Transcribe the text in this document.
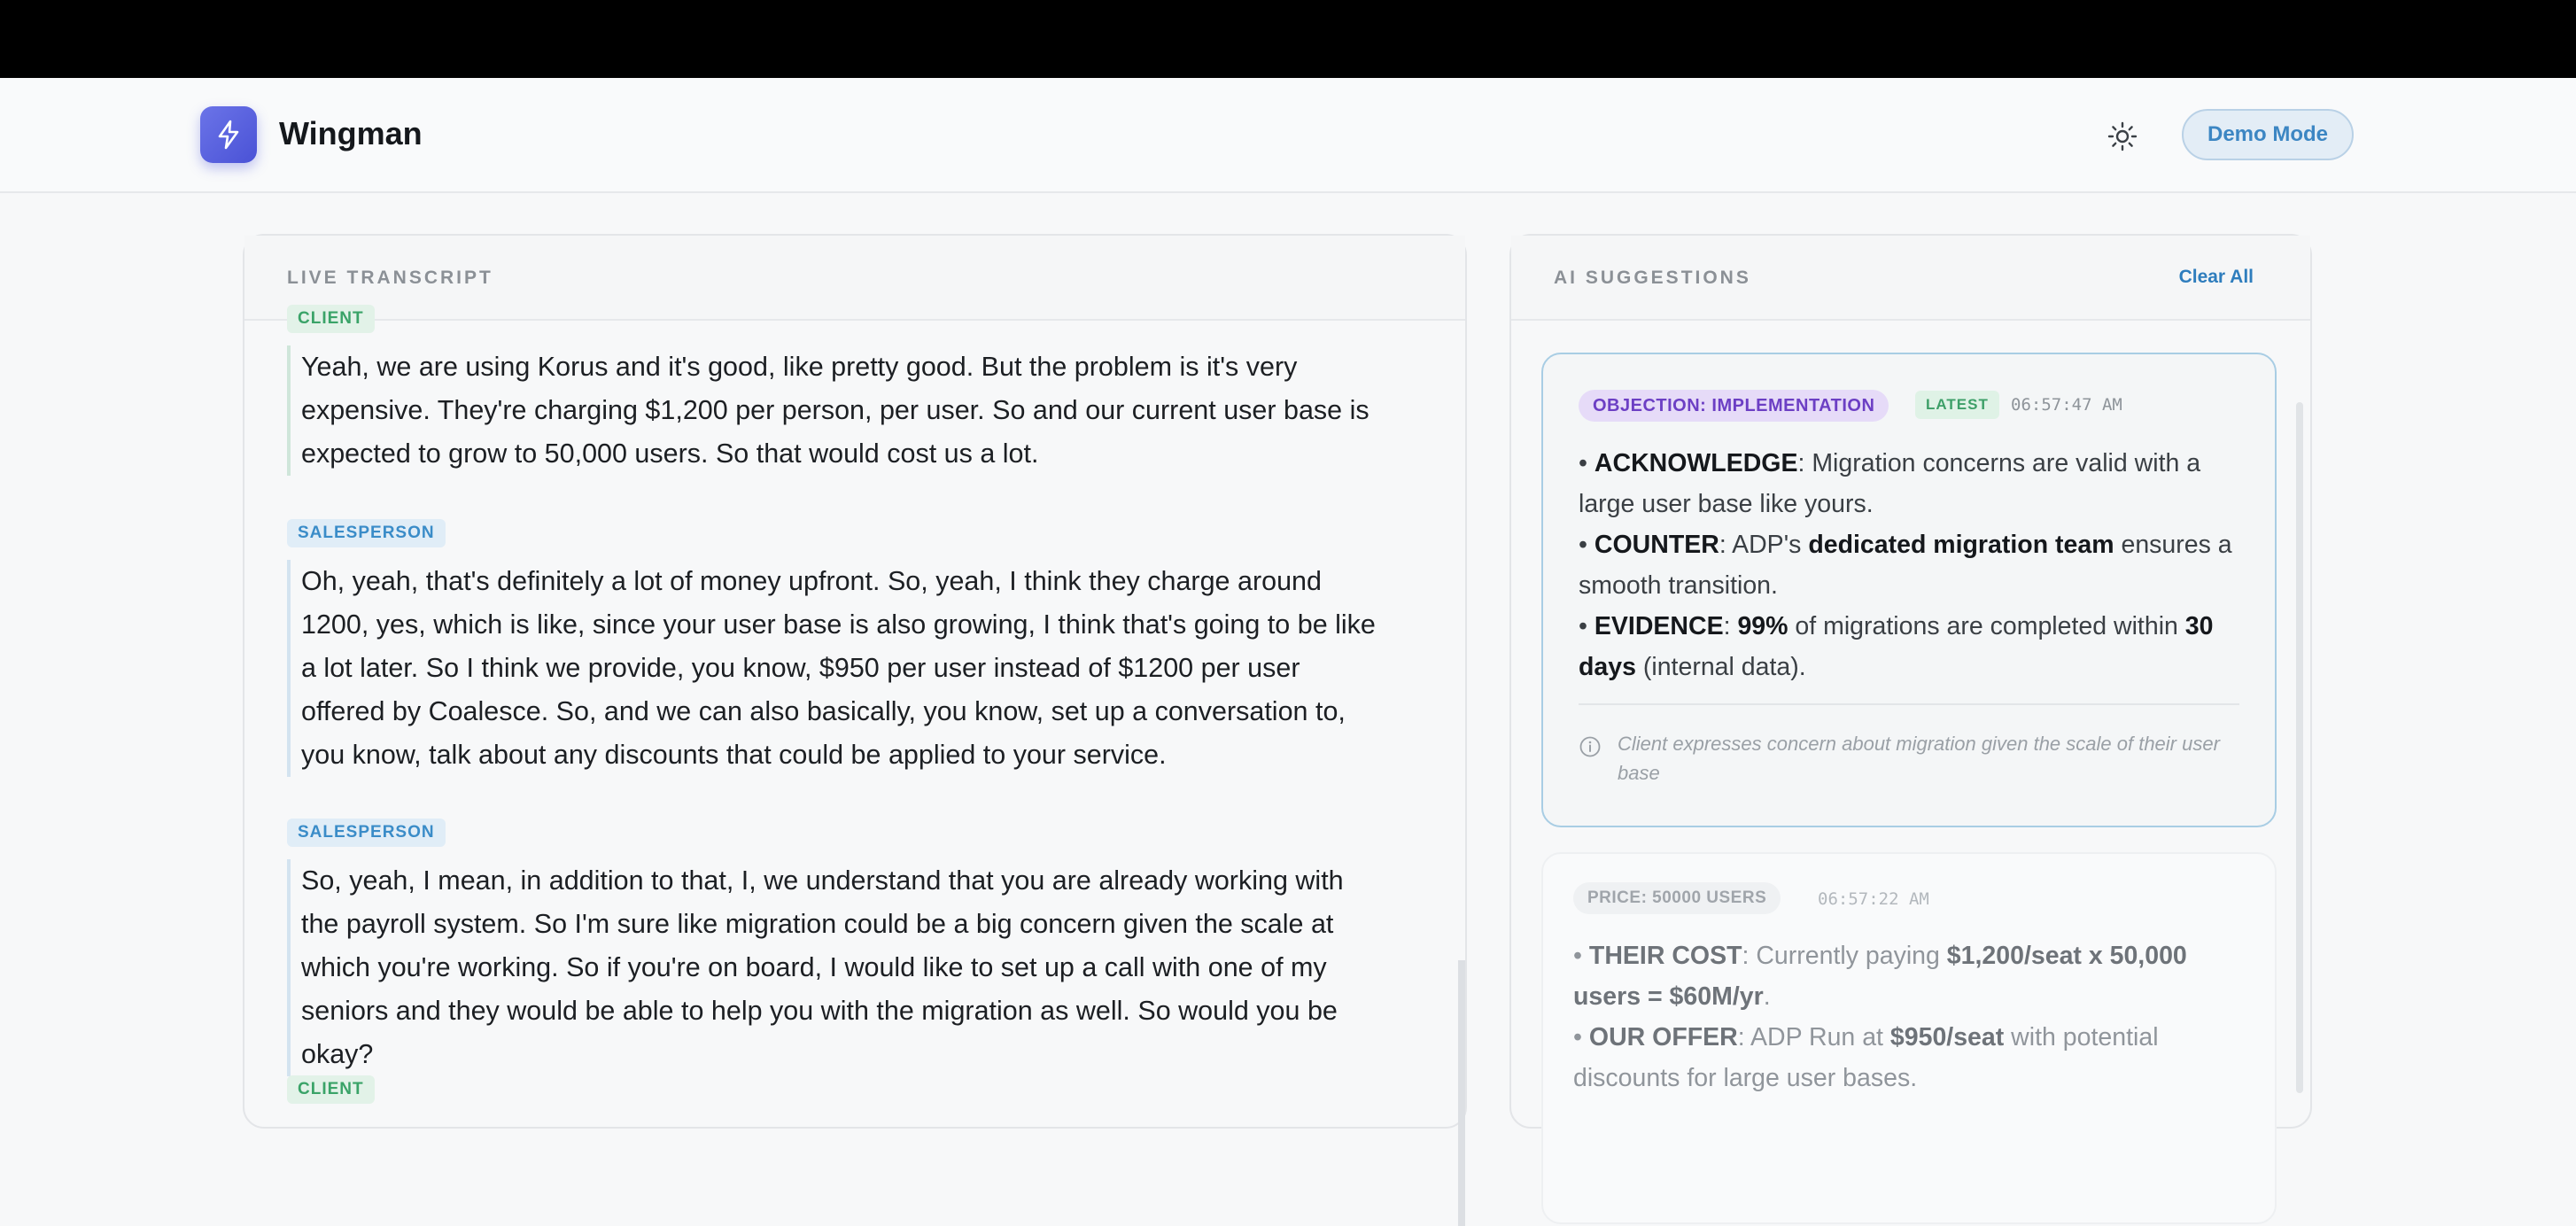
Wingman	Demo Mode
LIVE TRANSCRIPT
CLIENT
Yeah, we are using Korus and it's good, like pretty good. But the problem is it's very expensive. They're charging $1,200 per person, per user. So and our current user base is expected to grow to 50,000 users. So that would cost us a lot.
SALESPERSON
Oh, yeah, that's definitely a lot of money upfront. So, yeah, I think they charge around 1200, yes, which is like, since your user base is also growing, I think that's going to be like a lot later. So I think we provide, you know, $950 per user instead of $1200 per user offered by Coalesce. So, and we can also basically, you know, set up a conversation to, you know, talk about any discounts that could be applied to your service.
SALESPERSON
So, yeah, I mean, in addition to that, I, we understand that you are already working with the payroll system. So I'm sure like migration could be a big concern given the scale at which you're working. So if you're on board, I would like to set up a call with one of my seniors and they would be able to help you with the migration as well. So would you be okay?
CLIENT
AI SUGGESTIONS	Clear All
OBJECTION: IMPLEMENTATION	LATEST	06:57:47 AM
• ACKNOWLEDGE: Migration concerns are valid with a large user base like yours.
• COUNTER: ADP's dedicated migration team ensures a smooth transition.
• EVIDENCE: 99% of migrations are completed within 30 days (internal data).
Client expresses concern about migration given the scale of their user base
PRICE: 50000 USERS	06:57:22 AM
• THEIR COST: Currently paying $1,200/seat x 50,000 users = $60M/yr.
• OUR OFFER: ADP Run at $950/seat with potential discounts for large user bases.
